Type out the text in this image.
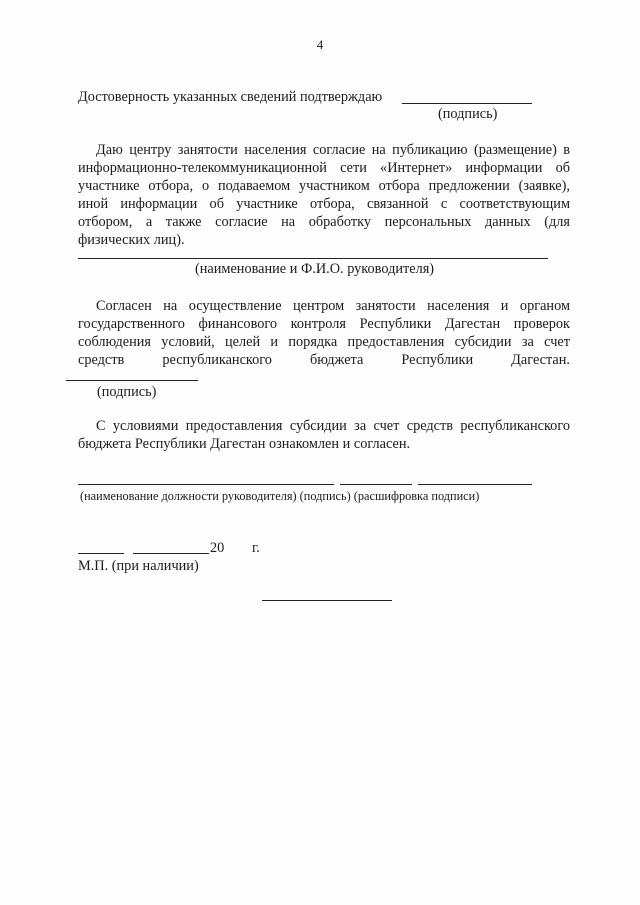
4
Достоверность указанных сведений подтверждаю
(подпись)
Даю центру занятости населения согласие на публикацию (размещение) в
информационно-телекоммуникационной сети «Интернет» информации об
участнике отбора, о подаваемом участником отбора предложении (заявке),
иной информации об участнике отбора, связанной с соответствующим
отбором, а также согласие на обработку персональных данных (для
физических лиц).
(наименование и Ф.И.О. руководителя)
Согласен на осуществление центром занятости населения и органом
государственного финансового контроля Республики Дагестан проверок
соблюдения условий, целей и порядка предоставления субсидии за счет
средств республиканского бюджета Республики Дагестан.
(подпись)
С условиями предоставления субсидии за счет средств республиканского
бюджета Республики Дагестан ознакомлен и согласен.
(наименование должности руководителя) (подпись) (расшифровка подписи)
20 г.
М.П. (при наличии)
